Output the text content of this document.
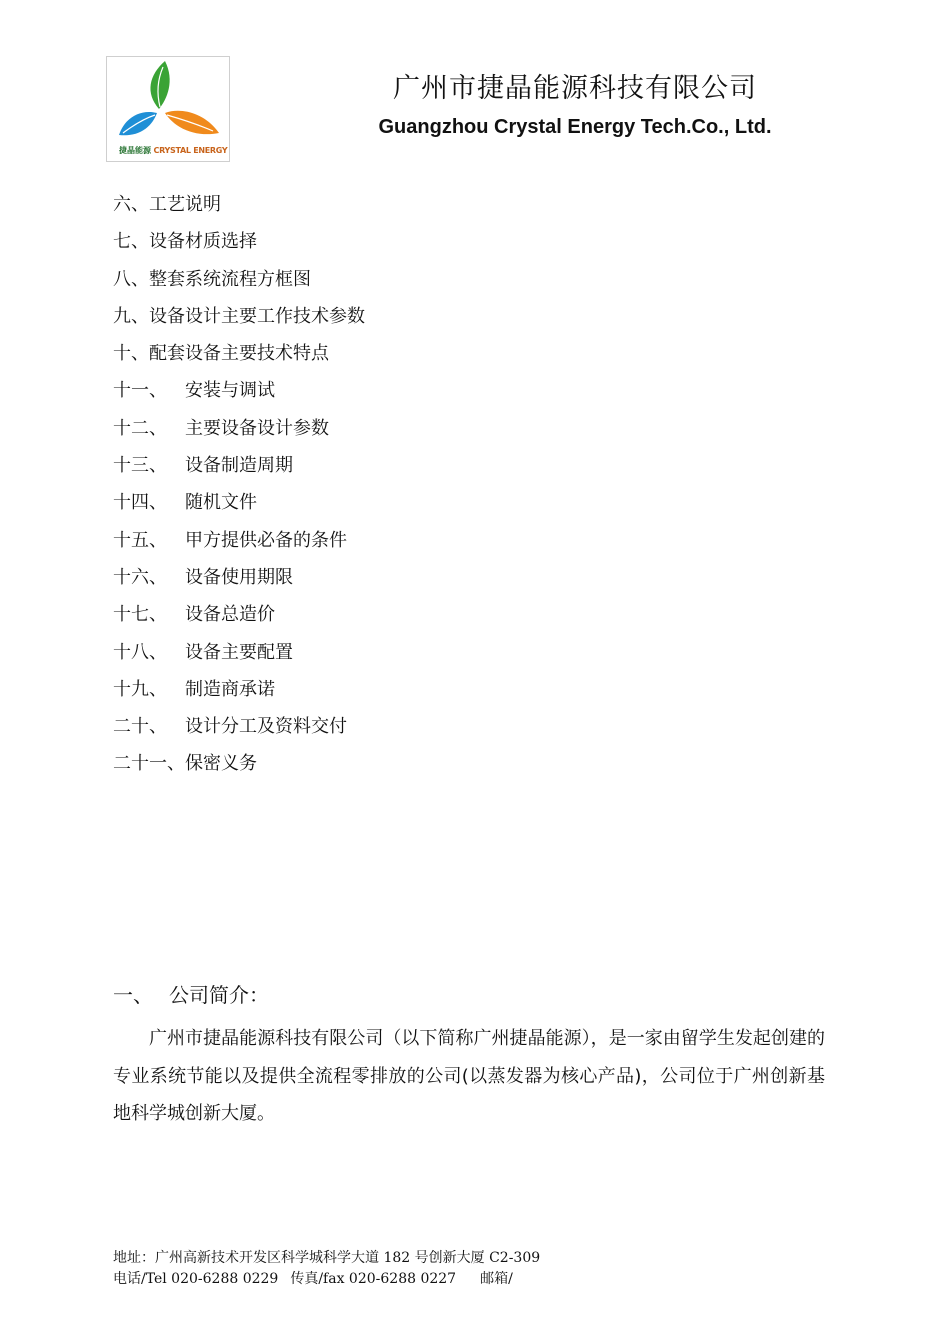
捷晶能源 CRYSTAL ENERGY
广州市捷晶能源科技有限公司
Guangzhou Crystal Energy Tech.Co., Ltd.
六、工艺说明
七、设备材质选择
八、整套系统流程方框图
九、设备设计主要工作技术参数
十、配套设备主要技术特点
十一、 安装与调试
十二、 主要设备设计参数
十三、 设备制造周期
十四、 随机文件
十五、 甲方提供必备的条件
十六、 设备使用期限
十七、 设备总造价
十八、 设备主要配置
十九、 制造商承诺
二十、 设计分工及资料交付
二十一、保密义务
一、 公司简介：

广州市捷晶能源科技有限公司（以下简称广州捷晶能源），是一家由留学生发起创建的专业系统节能以及提供全流程零排放的公司(以蒸发器为核心产品)，公司位于广州创新基地科学城创新大厦。

地址：广州高新技术开发区科学城科学大道 182 号创新大厦 C2-309
电话/Tel 020-6288 0229 传真/fax 020-6288 0227 邮箱/
